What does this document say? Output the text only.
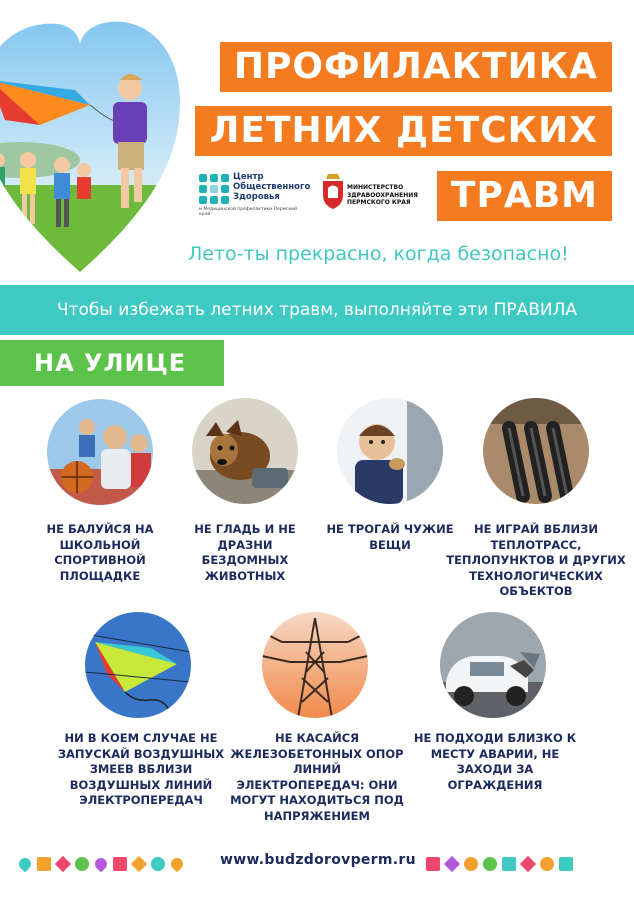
ПРОФИЛАКТИКА
ЛЕТНИХ ДЕТСКИХ
ТРАВМ
Центр
Общественного
Здоровья
и Медицинской профилактики Пермский край
МИНИСТЕРСТВО
ЗДРАВООХРАНЕНИЯ
ПЕРМСКОГО КРАЯ
Лето-ты прекрасно, когда безопасно!
Чтобы избежать летних травм, выполняйте эти ПРАВИЛА
НА УЛИЦЕ
НЕ БАЛУЙСЯ НА ШКОЛЬНОЙ СПОРТИВНОЙ ПЛОЩАДКЕ
НЕ ГЛАДЬ И НЕ ДРАЗНИ БЕЗДОМНЫХ ЖИВОТНЫХ
НЕ ТРОГАЙ ЧУЖИЕ ВЕЩИ
НЕ ИГРАЙ ВБЛИЗИ ТЕПЛОТРАСС, ТЕПЛОПУНКТОВ И ДРУГИХ ТЕХНОЛОГИЧЕСКИХ ОБЪЕКТОВ
НИ В КОЕМ СЛУЧАЕ НЕ ЗАПУСКАЙ ВОЗДУШНЫХ ЗМЕЕВ ВБЛИЗИ ВОЗДУШНЫХ ЛИНИЙ ЭЛЕКТРОПЕРЕДАЧ
НЕ КАСАЙСЯ ЖЕЛЕЗОБЕТОННЫХ ОПОР ЛИНИЙ ЭЛЕКТРОПЕРЕДАЧ: ОНИ МОГУТ НАХОДИТЬСЯ ПОД НАПРЯЖЕНИЕМ
НЕ ПОДХОДИ БЛИЗКО К МЕСТУ АВАРИИ, НЕ ЗАХОДИ ЗА ОГРАЖДЕНИЯ
www.budzdorovperm.ru
